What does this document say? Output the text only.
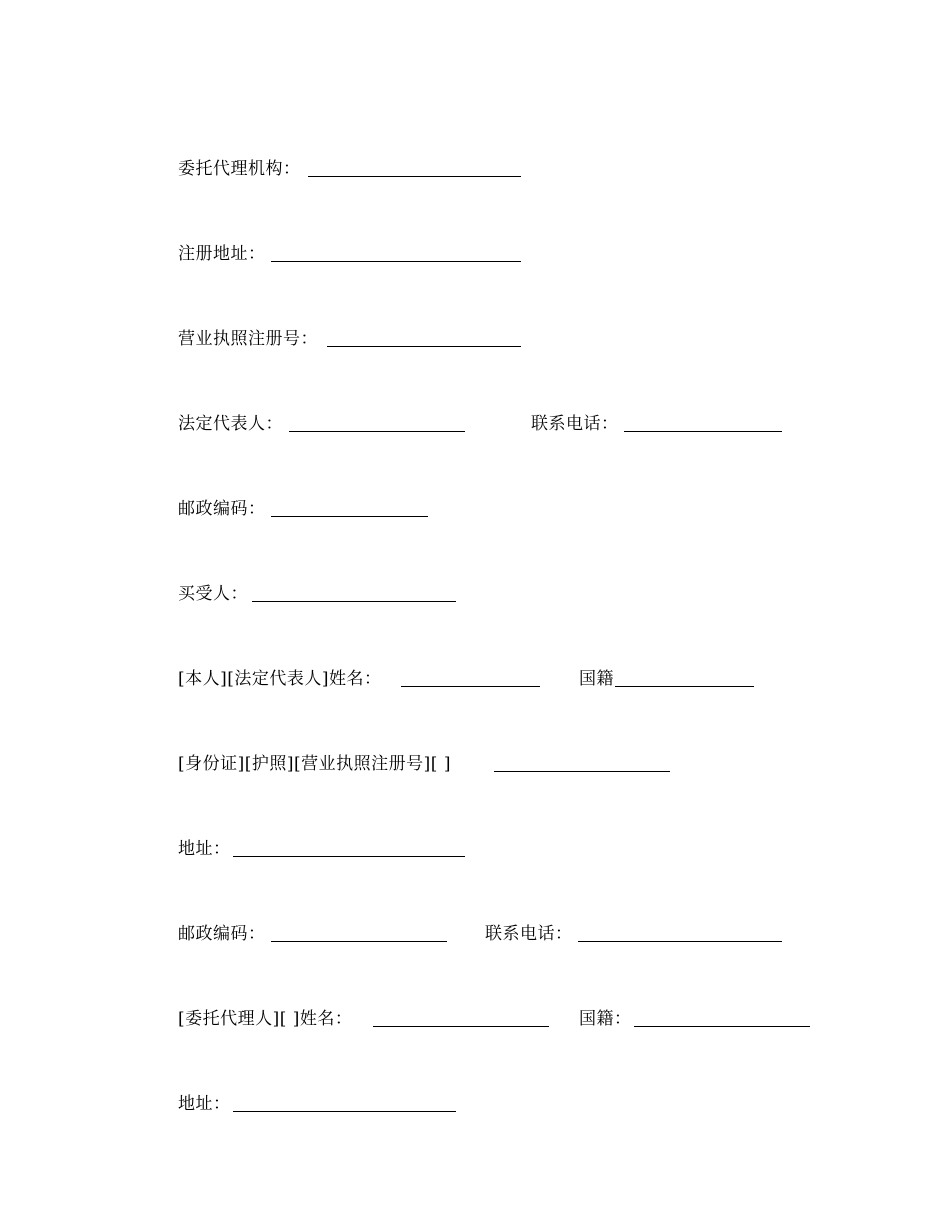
委托代理机构：
注册地址：
营业执照注册号：
法定代表人：	联系电话：
邮政编码：
买受人：
[本人][法定代表人]姓名：	国籍
[身份证][护照][营业执照注册号][ ]
地址：
邮政编码：	联系电话：
[委托代理人][ ]姓名：	国籍：
地址：
